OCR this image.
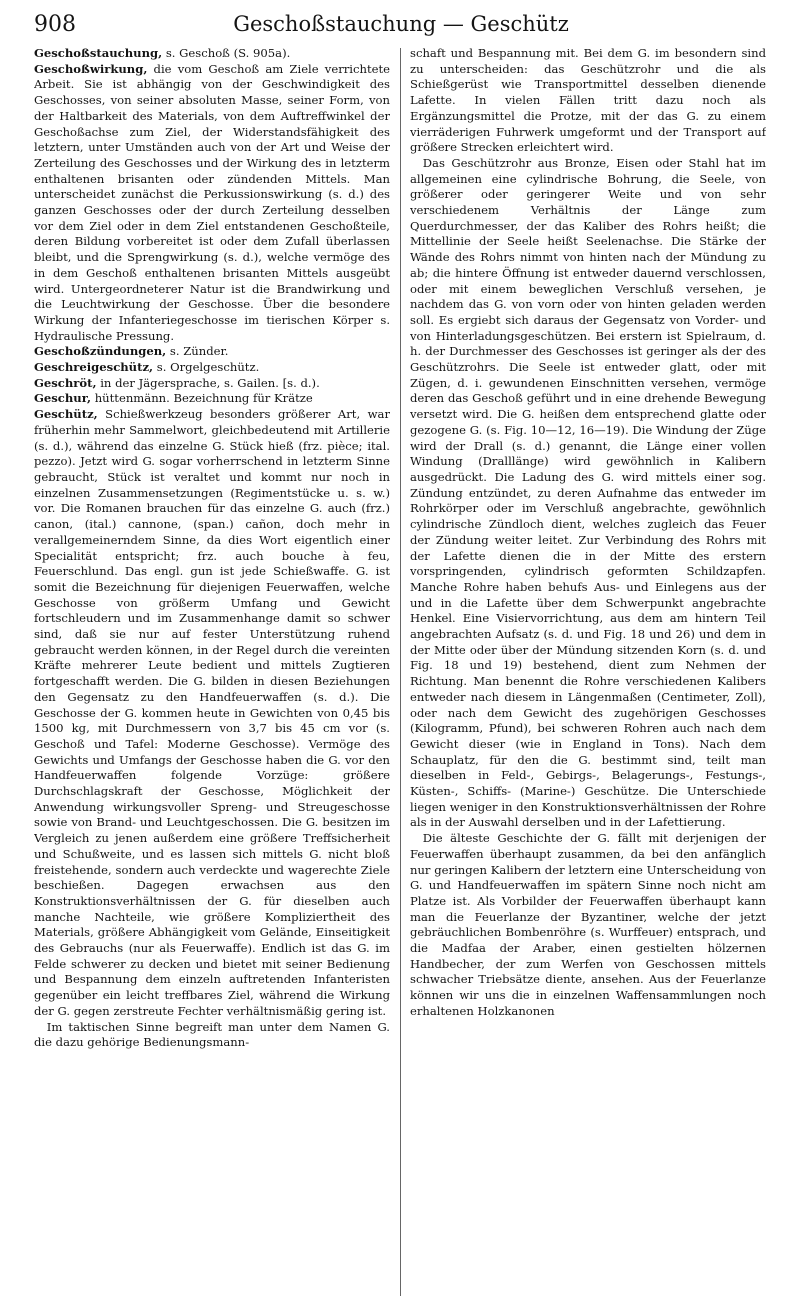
908	Geschoßstauchung — Geschütz

Geschoßstauchung, s. Geschoß (S. 905a).

Geschoßwirkung, die vom Geschoß am Ziele verrichtete Arbeit. Sie ist abhängig von der Geschwindigkeit des Geschosses, von seiner absoluten Masse, seiner Form, von der Haltbarkeit des Materials, von dem Auftreffwinkel der Geschoßachse zum Ziel, der Widerstandsfähigkeit des letztern, unter Umständen auch von der Art und Weise der Zerteilung des Geschosses und der Wirkung des in letzterm enthaltenen brisanten oder zündenden Mittels. Man unterscheidet zunächst die Perkussionswirkung (s. d.) des ganzen Geschosses oder der durch Zerteilung desselben vor dem Ziel oder in dem Ziel entstandenen Geschoßteile, deren Bildung vorbereitet ist oder dem Zufall überlassen bleibt, und die Sprengwirkung (s. d.), welche vermöge des in dem Geschoß enthaltenen brisanten Mittels ausgeübt wird. Untergeordneterer Natur ist die Brandwirkung und die Leuchtwirkung der Geschosse. Über die besondere Wirkung der Infanteriegeschosse im tierischen Körper s. Hydraulische Pressung.

Geschoßzündungen, s. Zünder.

Geschreigeschütz, s. Orgelgeschütz.

Geschröt, in der Jägersprache, s. Gailen. [s. d.).

Geschur, hüttenmänn. Bezeichnung für Krätze

Geschütz, Schießwerkzeug besonders größerer Art, war früherhin mehr Sammelwort, gleichbedeutend mit Artillerie (s. d.), während das einzelne G. Stück hieß (frz. pièce; ital. pezzo). Jetzt wird G. sogar vorherrschend in letzterm Sinne gebraucht, Stück ist veraltet und kommt nur noch in einzelnen Zusammensetzungen (Regimentstücke u. s. w.) vor. Die Romanen brauchen für das einzelne G. auch (frz.) canon, (ital.) cannone, (span.) cañon, doch mehr in verallgemeinerndem Sinne, da dies Wort eigentlich einer Specialität entspricht; frz. auch bouche à feu, Feuerschlund. Das engl. gun ist jede Schießwaffe. G. ist somit die Bezeichnung für diejenigen Feuerwaffen, welche Geschosse von größerm Umfang und Gewicht fortschleudern und im Zusammenhange damit so schwer sind, daß sie nur auf fester Unterstützung ruhend gebraucht werden können, in der Regel durch die vereinten Kräfte mehrerer Leute bedient und mittels Zugtieren fortgeschafft werden. Die G. bilden in diesen Beziehungen den Gegensatz zu den Handfeuerwaffen (s. d.). Die Geschosse der G. kommen heute in Gewichten von 0,45 bis 1500 kg, mit Durchmessern von 3,7 bis 45 cm vor (s. Geschoß und Tafel: Moderne Geschosse). Vermöge des Gewichts und Umfangs der Geschosse haben die G. vor den Handfeuerwaffen folgende Vorzüge: größere Durchschlagskraft der Geschosse, Möglichkeit der Anwendung wirkungsvoller Spreng- und Streugeschosse sowie von Brand- und Leuchtgeschossen. Die G. besitzen im Vergleich zu jenen außerdem eine größere Treffsicherheit und Schußweite, und es lassen sich mittels G. nicht bloß freistehende, sondern auch verdeckte und wagerechte Ziele beschießen. Dagegen erwachsen aus den Konstruktionsverhältnissen der G. für dieselben auch manche Nachteile, wie größere Kompliziertheit des Materials, größere Abhängigkeit vom Gelände, Einseitigkeit des Gebrauchs (nur als Feuerwaffe). Endlich ist das G. im Felde schwerer zu decken und bietet mit seiner Bedienung und Bespannung dem einzeln auftretenden Infanteristen gegenüber ein leicht treffbares Ziel, während die Wirkung der G. gegen zerstreute Fechter verhältnismäßig gering ist.

Im taktischen Sinne begreift man unter dem Namen G. die dazu gehörige Bedienungsmann-

schaft und Bespannung mit. Bei dem G. im besondern sind zu unterscheiden: das Geschützrohr und die als Schießgerüst wie Transportmittel desselben dienende Lafette. In vielen Fällen tritt dazu noch als Ergänzungsmittel die Protze, mit der das G. zu einem vierräderigen Fuhrwerk umgeformt und der Transport auf größere Strecken erleichtert wird.

Das Geschützrohr aus Bronze, Eisen oder Stahl hat im allgemeinen eine cylindrische Bohrung, die Seele, von größerer oder geringerer Weite und von sehr verschiedenem Verhältnis der Länge zum Querdurchmesser, der das Kaliber des Rohrs heißt; die Mittellinie der Seele heißt Seelenachse. Die Stärke der Wände des Rohrs nimmt von hinten nach der Mündung zu ab; die hintere Öffnung ist entweder dauernd verschlossen, oder mit einem beweglichen Verschluß versehen, je nachdem das G. von vorn oder von hinten geladen werden soll. Es ergiebt sich daraus der Gegensatz von Vorder- und von Hinterladungsgeschützen. Bei erstern ist Spielraum, d. h. der Durchmesser des Geschosses ist geringer als der des Geschützrohrs. Die Seele ist entweder glatt, oder mit Zügen, d. i. gewundenen Einschnitten versehen, vermöge deren das Geschoß geführt und in eine drehende Bewegung versetzt wird. Die G. heißen dem entsprechend glatte oder gezogene G. (s. Fig. 10—12, 16—19). Die Windung der Züge wird der Drall (s. d.) genannt, die Länge einer vollen Windung (Dralllänge) wird gewöhnlich in Kalibern ausgedrückt. Die Ladung des G. wird mittels einer sog. Zündung entzündet, zu deren Aufnahme das entweder im Rohrkörper oder im Verschluß angebrachte, gewöhnlich cylindrische Zündloch dient, welches zugleich das Feuer der Zündung weiter leitet. Zur Verbindung des Rohrs mit der Lafette dienen die in der Mitte des erstern vorspringenden, cylindrisch geformten Schildzapfen. Manche Rohre haben behufs Aus- und Einlegens aus der und in die Lafette über dem Schwerpunkt angebrachte Henkel. Eine Visiervorrichtung, aus dem am hintern Teil angebrachten Aufsatz (s. d. und Fig. 18 und 26) und dem in der Mitte oder über der Mündung sitzenden Korn (s. d. und Fig. 18 und 19) bestehend, dient zum Nehmen der Richtung. Man benennt die Rohre verschiedenen Kalibers entweder nach diesem in Längenmaßen (Centimeter, Zoll), oder nach dem Gewicht des zugehörigen Geschosses (Kilogramm, Pfund), bei schweren Rohren auch nach dem Gewicht dieser (wie in England in Tons). Nach dem Schauplatz, für den die G. bestimmt sind, teilt man dieselben in Feld-, Gebirgs-, Belagerungs-, Festungs-, Küsten-, Schiffs- (Marine-) Geschütze. Die Unterschiede liegen weniger in den Konstruktionsverhältnissen der Rohre als in der Auswahl derselben und in der Lafettierung.

Die älteste Geschichte der G. fällt mit derjenigen der Feuerwaffen überhaupt zusammen, da bei den anfänglich nur geringen Kalibern der letztern eine Unterscheidung von G. und Handfeuerwaffen im spätern Sinne noch nicht am Platze ist. Als Vorbilder der Feuerwaffen überhaupt kann man die Feuerlanze der Byzantiner, welche der jetzt gebräuchlichen Bombenröhre (s. Wurffeuer) entsprach, und die Madfaa der Araber, einen gestielten hölzernen Handbecher, der zum Werfen von Geschossen mittels schwacher Triebsätze diente, ansehen. Aus der Feuerlanze können wir uns die in einzelnen Waffensammlungen noch erhaltenen Holzkanonen
